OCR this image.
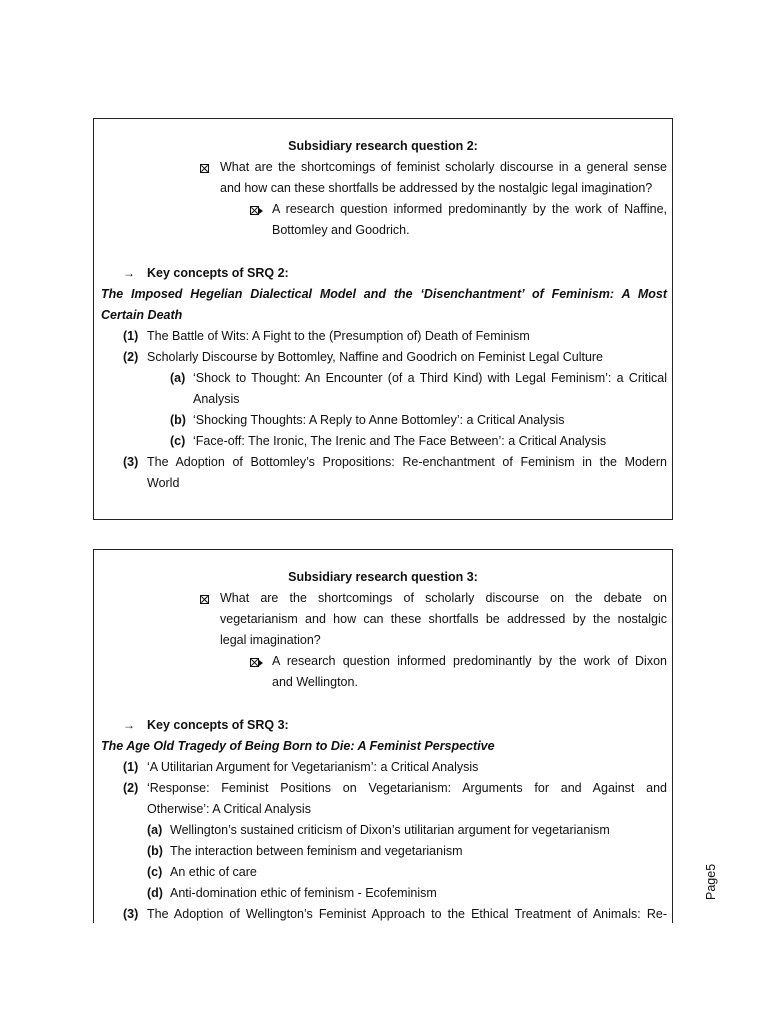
Subsidiary research question 2:
What are the shortcomings of feminist scholarly discourse in a general sense
and how can these shortfalls be addressed by the nostalgic legal imagination?
A research question informed predominantly by the work of Naffine,
Bottomley and Goodrich.
→ Key concepts of SRQ 2:
The Imposed Hegelian Dialectical Model and the ‘Disenchantment’ of Feminism: A Most
Certain Death
(1) The Battle of Wits: A Fight to the (Presumption of) Death of Feminism
(2) Scholarly Discourse by Bottomley, Naffine and Goodrich on Feminist Legal Culture
(a) ‘Shock to Thought: An Encounter (of a Third Kind) with Legal Feminism’: a Critical
Analysis
(b) ‘Shocking Thoughts: A Reply to Anne Bottomley’: a Critical Analysis
(c) ‘Face-off: The Ironic, The Irenic and The Face Between’: a Critical Analysis
(3) The Adoption of Bottomley’s Propositions: Re-enchantment of Feminism in the Modern
World
Subsidiary research question 3:
What are the shortcomings of scholarly discourse on the debate on
vegetarianism and how can these shortfalls be addressed by the nostalgic
legal imagination?
A research question informed predominantly by the work of Dixon
and Wellington.
→ Key concepts of SRQ 3:
The Age Old Tragedy of Being Born to Die: A Feminist Perspective
(1) ‘A Utilitarian Argument for Vegetarianism’: a Critical Analysis
(2) ‘Response: Feminist Positions on Vegetarianism: Arguments for and Against and
Otherwise’: A Critical Analysis
(a) Wellington’s sustained criticism of Dixon’s utilitarian argument for vegetarianism
(b) The interaction between feminism and vegetarianism
(c) An ethic of care
(d) Anti-domination ethic of feminism - Ecofeminism
(3) The Adoption of Wellington’s Feminist Approach to the Ethical Treatment of Animals: Re-
Page5
